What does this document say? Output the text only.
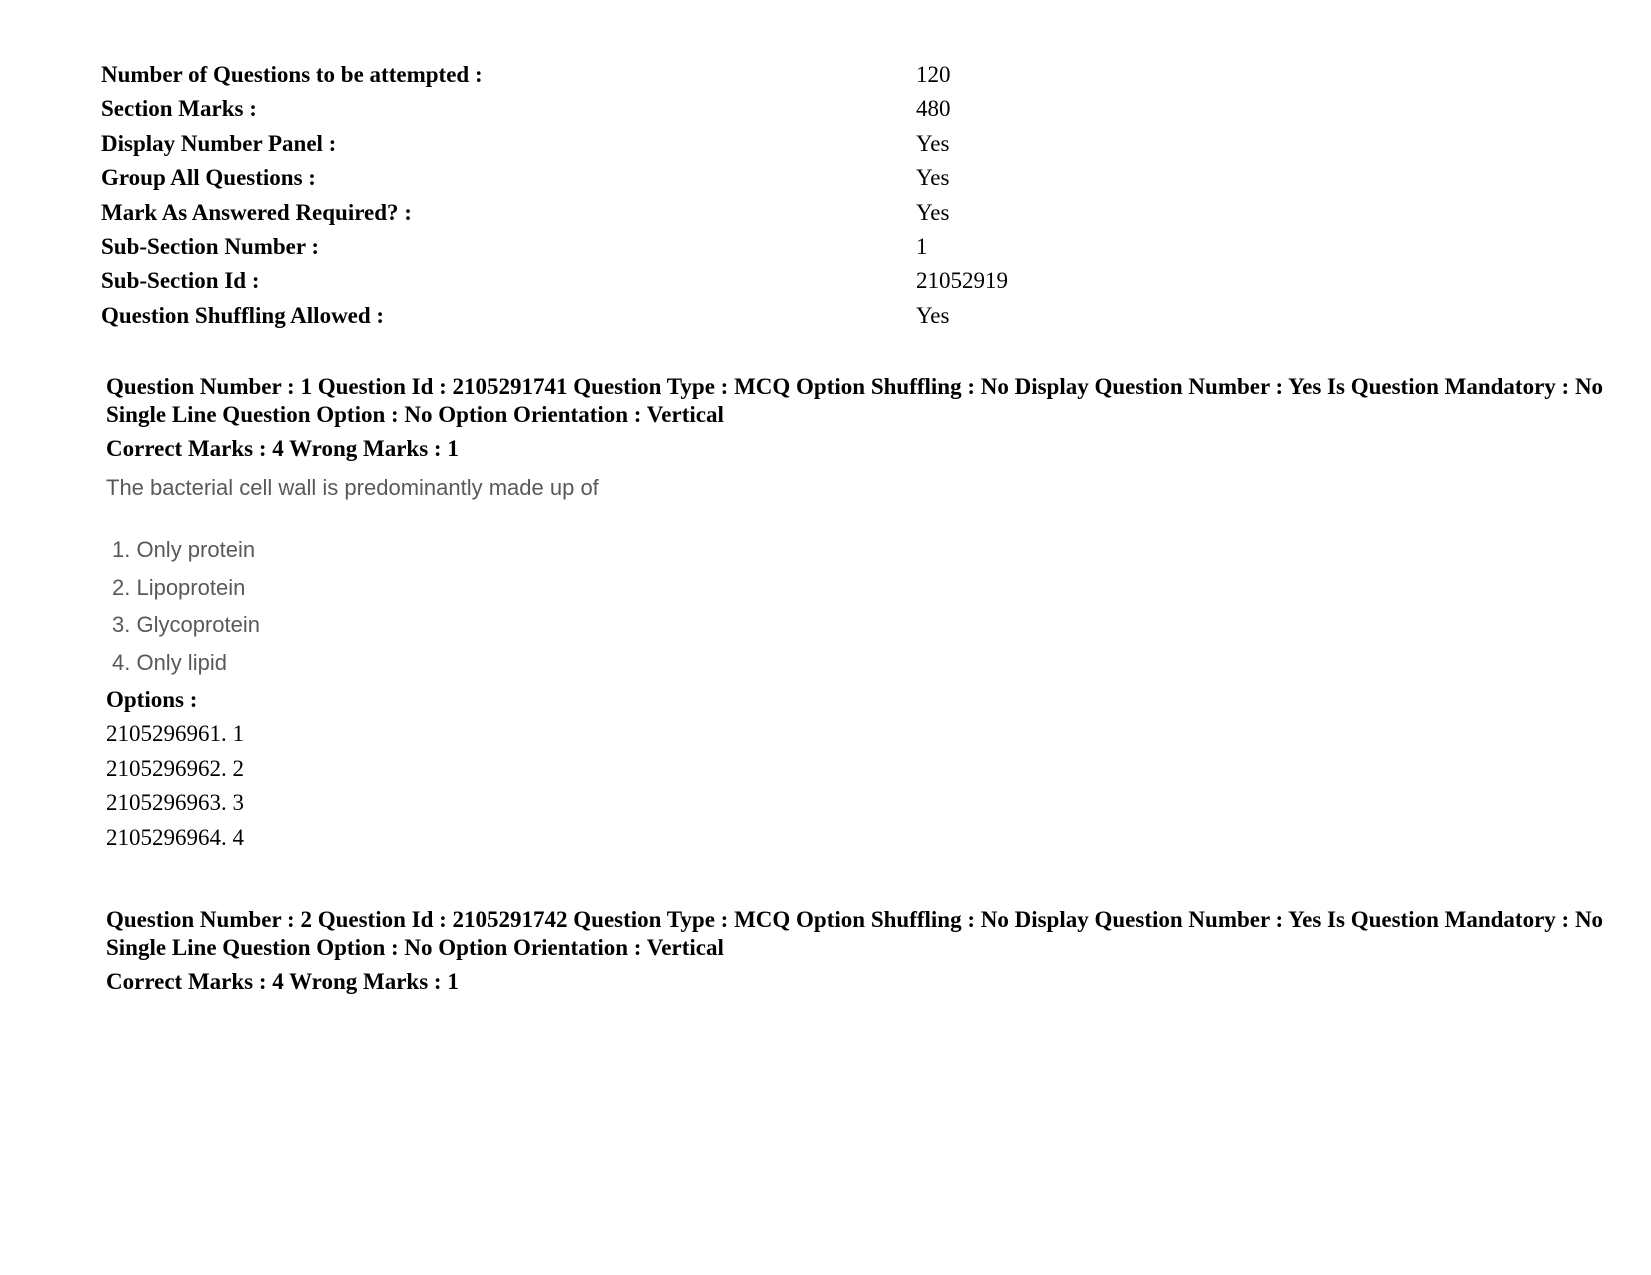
Number of Questions to be attempted :	120
Section Marks :	480
Display Number Panel :	Yes
Group All Questions :	Yes
Mark As Answered Required? :	Yes
Sub-Section Number :	1
Sub-Section Id :	21052919
Question Shuffling Allowed :	Yes

Question Number : 1 Question Id : 2105291741 Question Type : MCQ Option Shuffling : No Display Question Number : Yes Is Question Mandatory : No Single Line Question Option : No Option Orientation : Vertical

Correct Marks : 4 Wrong Marks : 1
The bacterial cell wall is predominantly made up of
1. Only protein
2. Lipoprotein
3. Glycoprotein
4. Only lipid
Options :
2105296961. 1
2105296962. 2
2105296963. 3
2105296964. 4

Question Number : 2 Question Id : 2105291742 Question Type : MCQ Option Shuffling : No Display Question Number : Yes Is Question Mandatory : No Single Line Question Option : No Option Orientation : Vertical

Correct Marks : 4 Wrong Marks : 1
